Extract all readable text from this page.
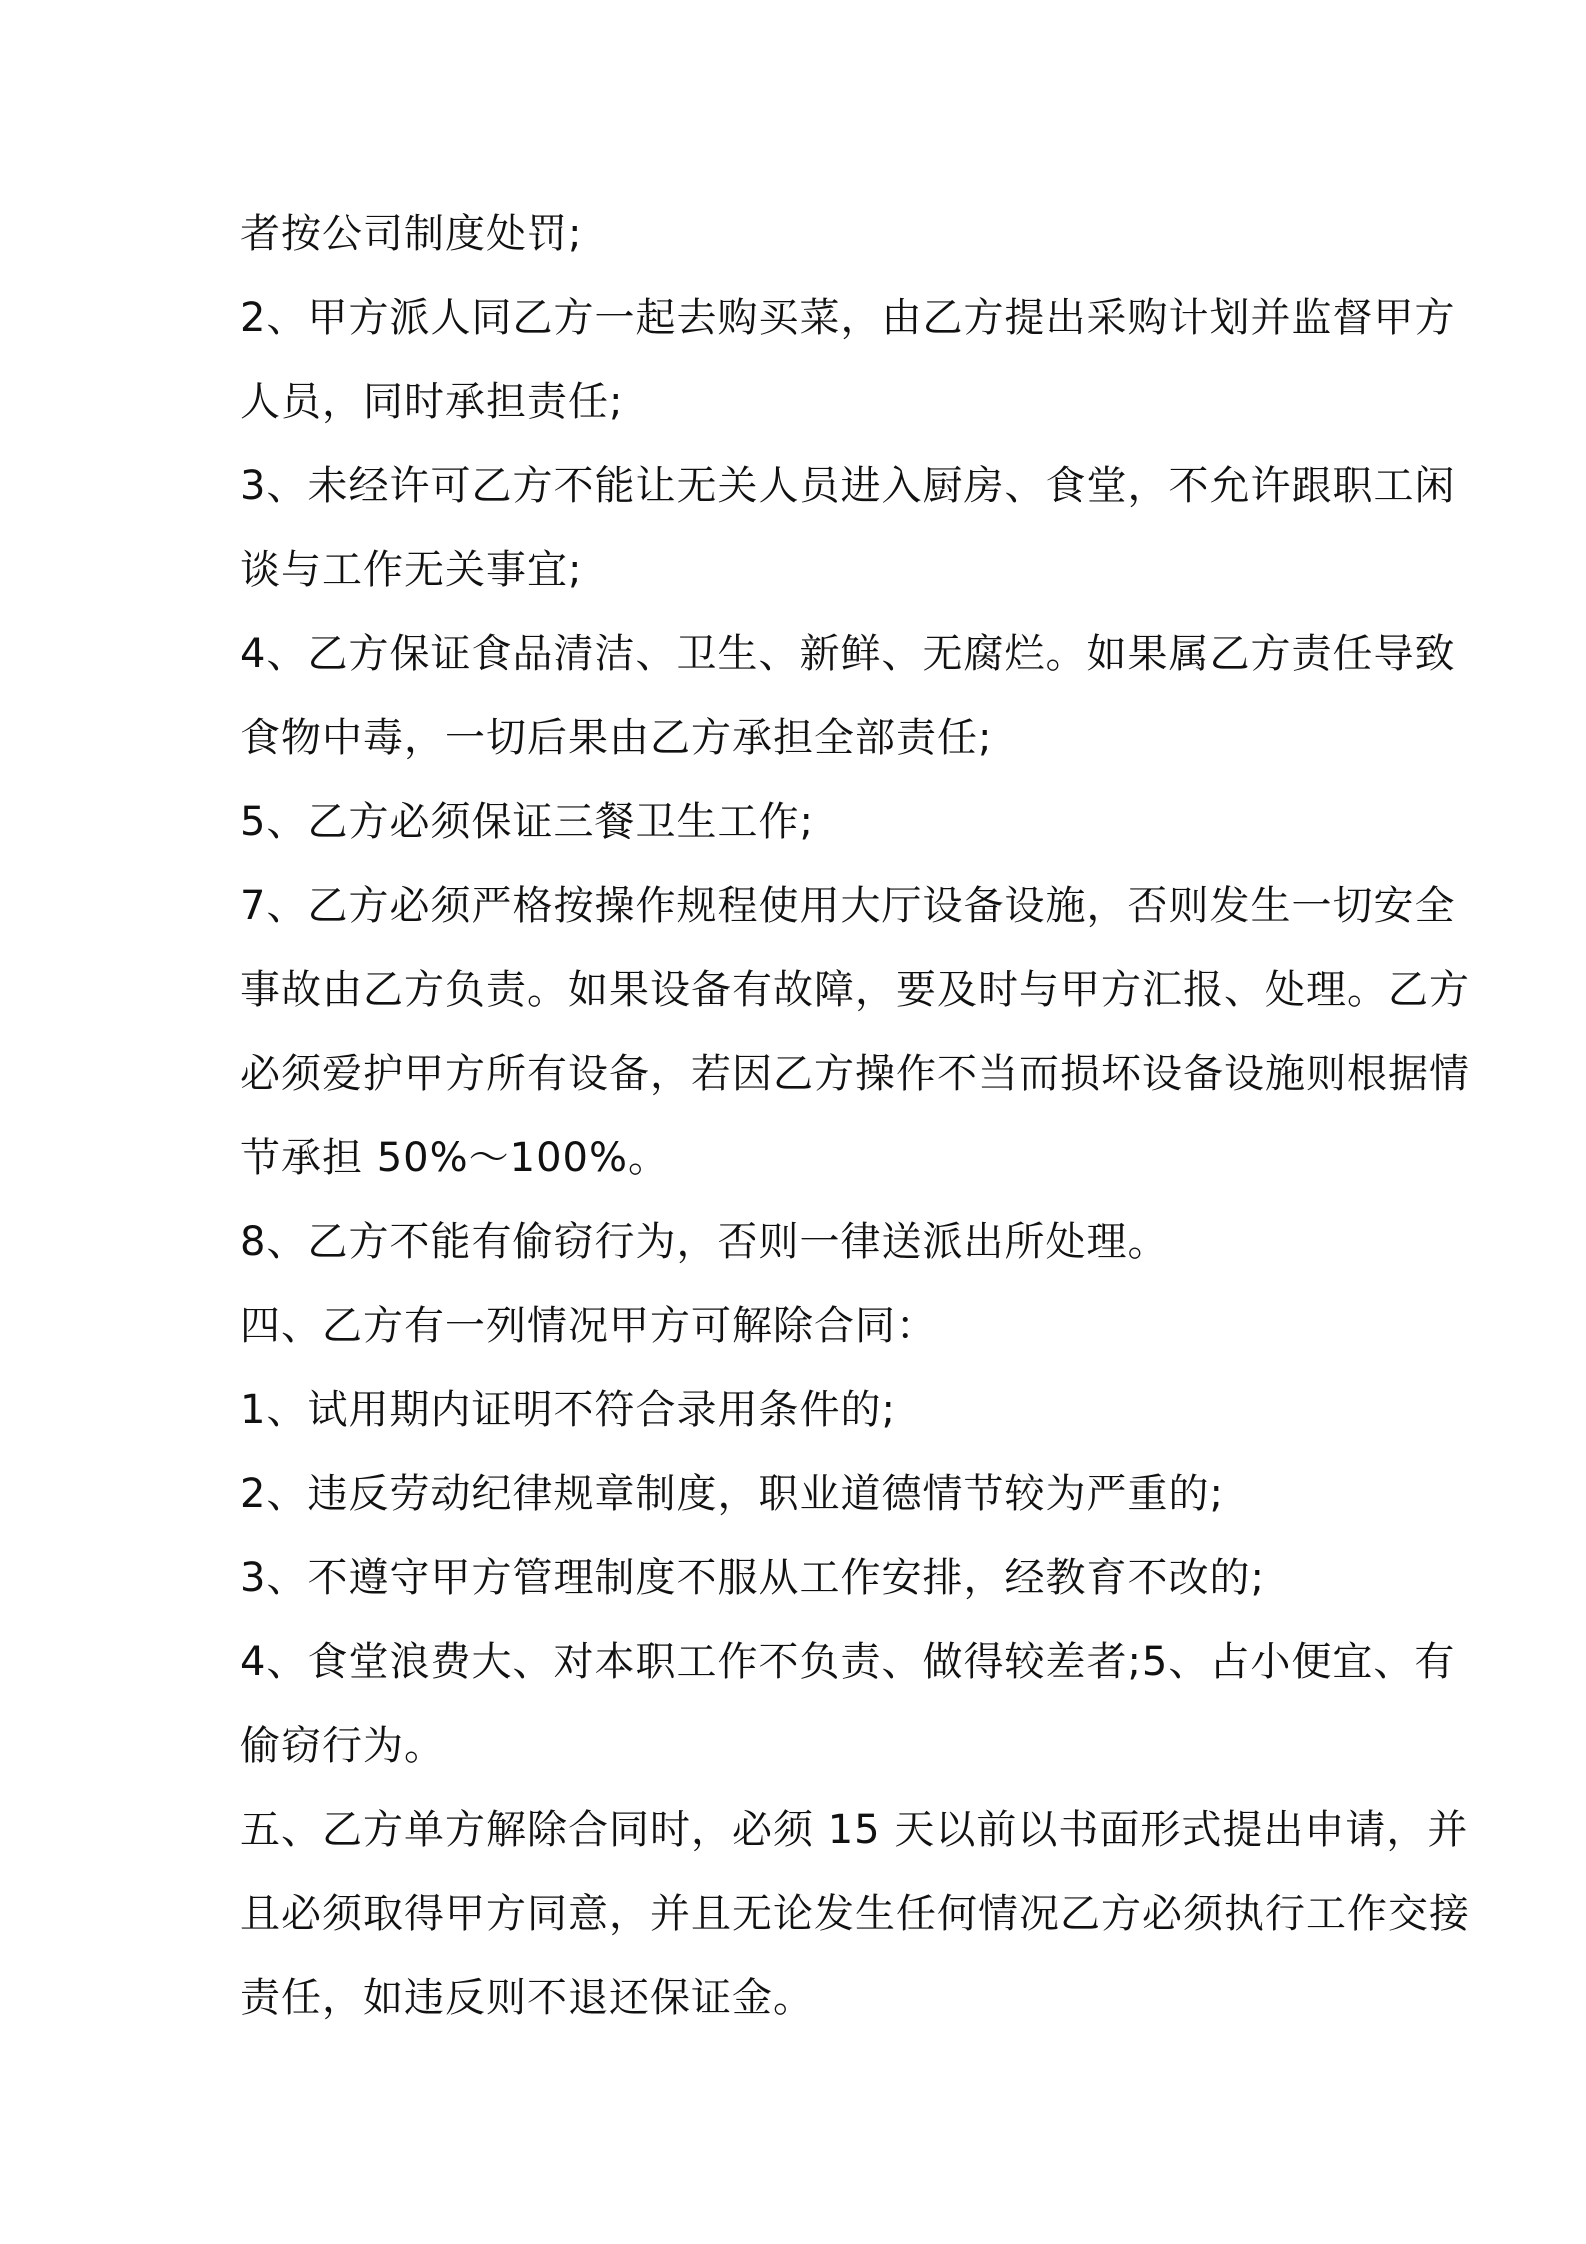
者按公司制度处罚;
2、甲方派人同乙方一起去购买菜，由乙方提出采购计划并监督甲方
人员，同时承担责任;
3、未经许可乙方不能让无关人员进入厨房、食堂，不允许跟职工闲
谈与工作无关事宜;
4、乙方保证食品清洁、卫生、新鲜、无腐烂。如果属乙方责任导致
食物中毒，一切后果由乙方承担全部责任;
5、乙方必须保证三餐卫生工作;
7、乙方必须严格按操作规程使用大厅设备设施，否则发生一切安全
事故由乙方负责。如果设备有故障，要及时与甲方汇报、处理。乙方
必须爱护甲方所有设备，若因乙方操作不当而损坏设备设施则根据情
节承担 50%～100%。
8、乙方不能有偷窃行为，否则一律送派出所处理。
四、乙方有一列情况甲方可解除合同：
1、试用期内证明不符合录用条件的;
2、违反劳动纪律规章制度，职业道德情节较为严重的;
3、不遵守甲方管理制度不服从工作安排，经教育不改的;
4、食堂浪费大、对本职工作不负责、做得较差者;5、占小便宜、有
偷窃行为。
五、乙方单方解除合同时，必须 15 天以前以书面形式提出申请，并
且必须取得甲方同意，并且无论发生任何情况乙方必须执行工作交接
责任，如违反则不退还保证金。
